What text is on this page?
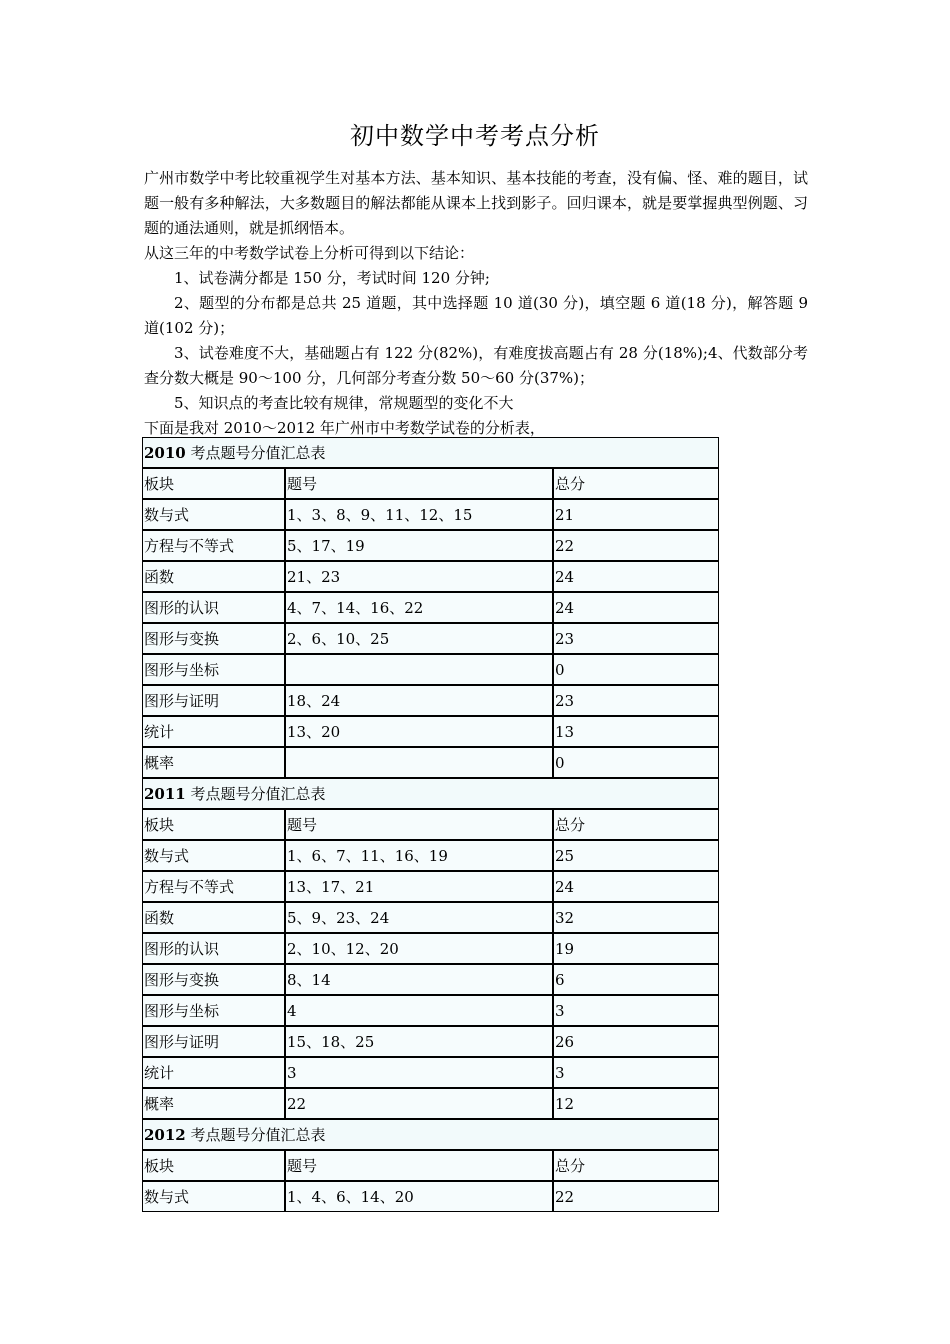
初中数学中考考点分析

广州市数学中考比较重视学生对基本方法、基本知识、基本技能的考查，没有偏、怪、难的题目，试题一般有多种解法，大多数题目的解法都能从课本上找到影子。回归课本，就是要掌握典型例题、习题的通法通则，就是抓纲悟本。

从这三年的中考数学试卷上分析可得到以下结论：

1、试卷满分都是 150 分，考试时间 120 分钟;

2、题型的分布都是总共 25 道题，其中选择题 10 道(30 分)，填空题 6 道(18 分)，解答题 9 道(102 分)；

3、试卷难度不大，基础题占有 122 分(82%)，有难度拔高题占有 28 分(18%);4、代数部分考查分数大概是 90～100 分，几何部分考查分数 50～60 分(37%)；

5、知识点的考查比较有规律，常规题型的变化不大

下面是我对 2010～2012 年广州市中考数学试卷的分析表，

2010 考点题号分值汇总表		
板块	题号	总分
数与式	1、3、8、9、11、12、15	21
方程与不等式	5、17、19	22
函数	21、23	24
图形的认识	4、7、14、16、22	24
图形与变换	2、6、10、25	23
图形与坐标		0
图形与证明	18、24	23
统计	13、20	13
概率		0
2011 考点题号分值汇总表		
板块	题号	总分
数与式	1、6、7、11、16、19	25
方程与不等式	13、17、21	24
函数	5、9、23、24	32
图形的认识	2、10、12、20	19
图形与变换	8、14	6
图形与坐标	4	3
图形与证明	15、18、25	26
统计	3	3
概率	22	12
2012 考点题号分值汇总表		
板块	题号	总分
数与式	1、4、6、14、20	22
